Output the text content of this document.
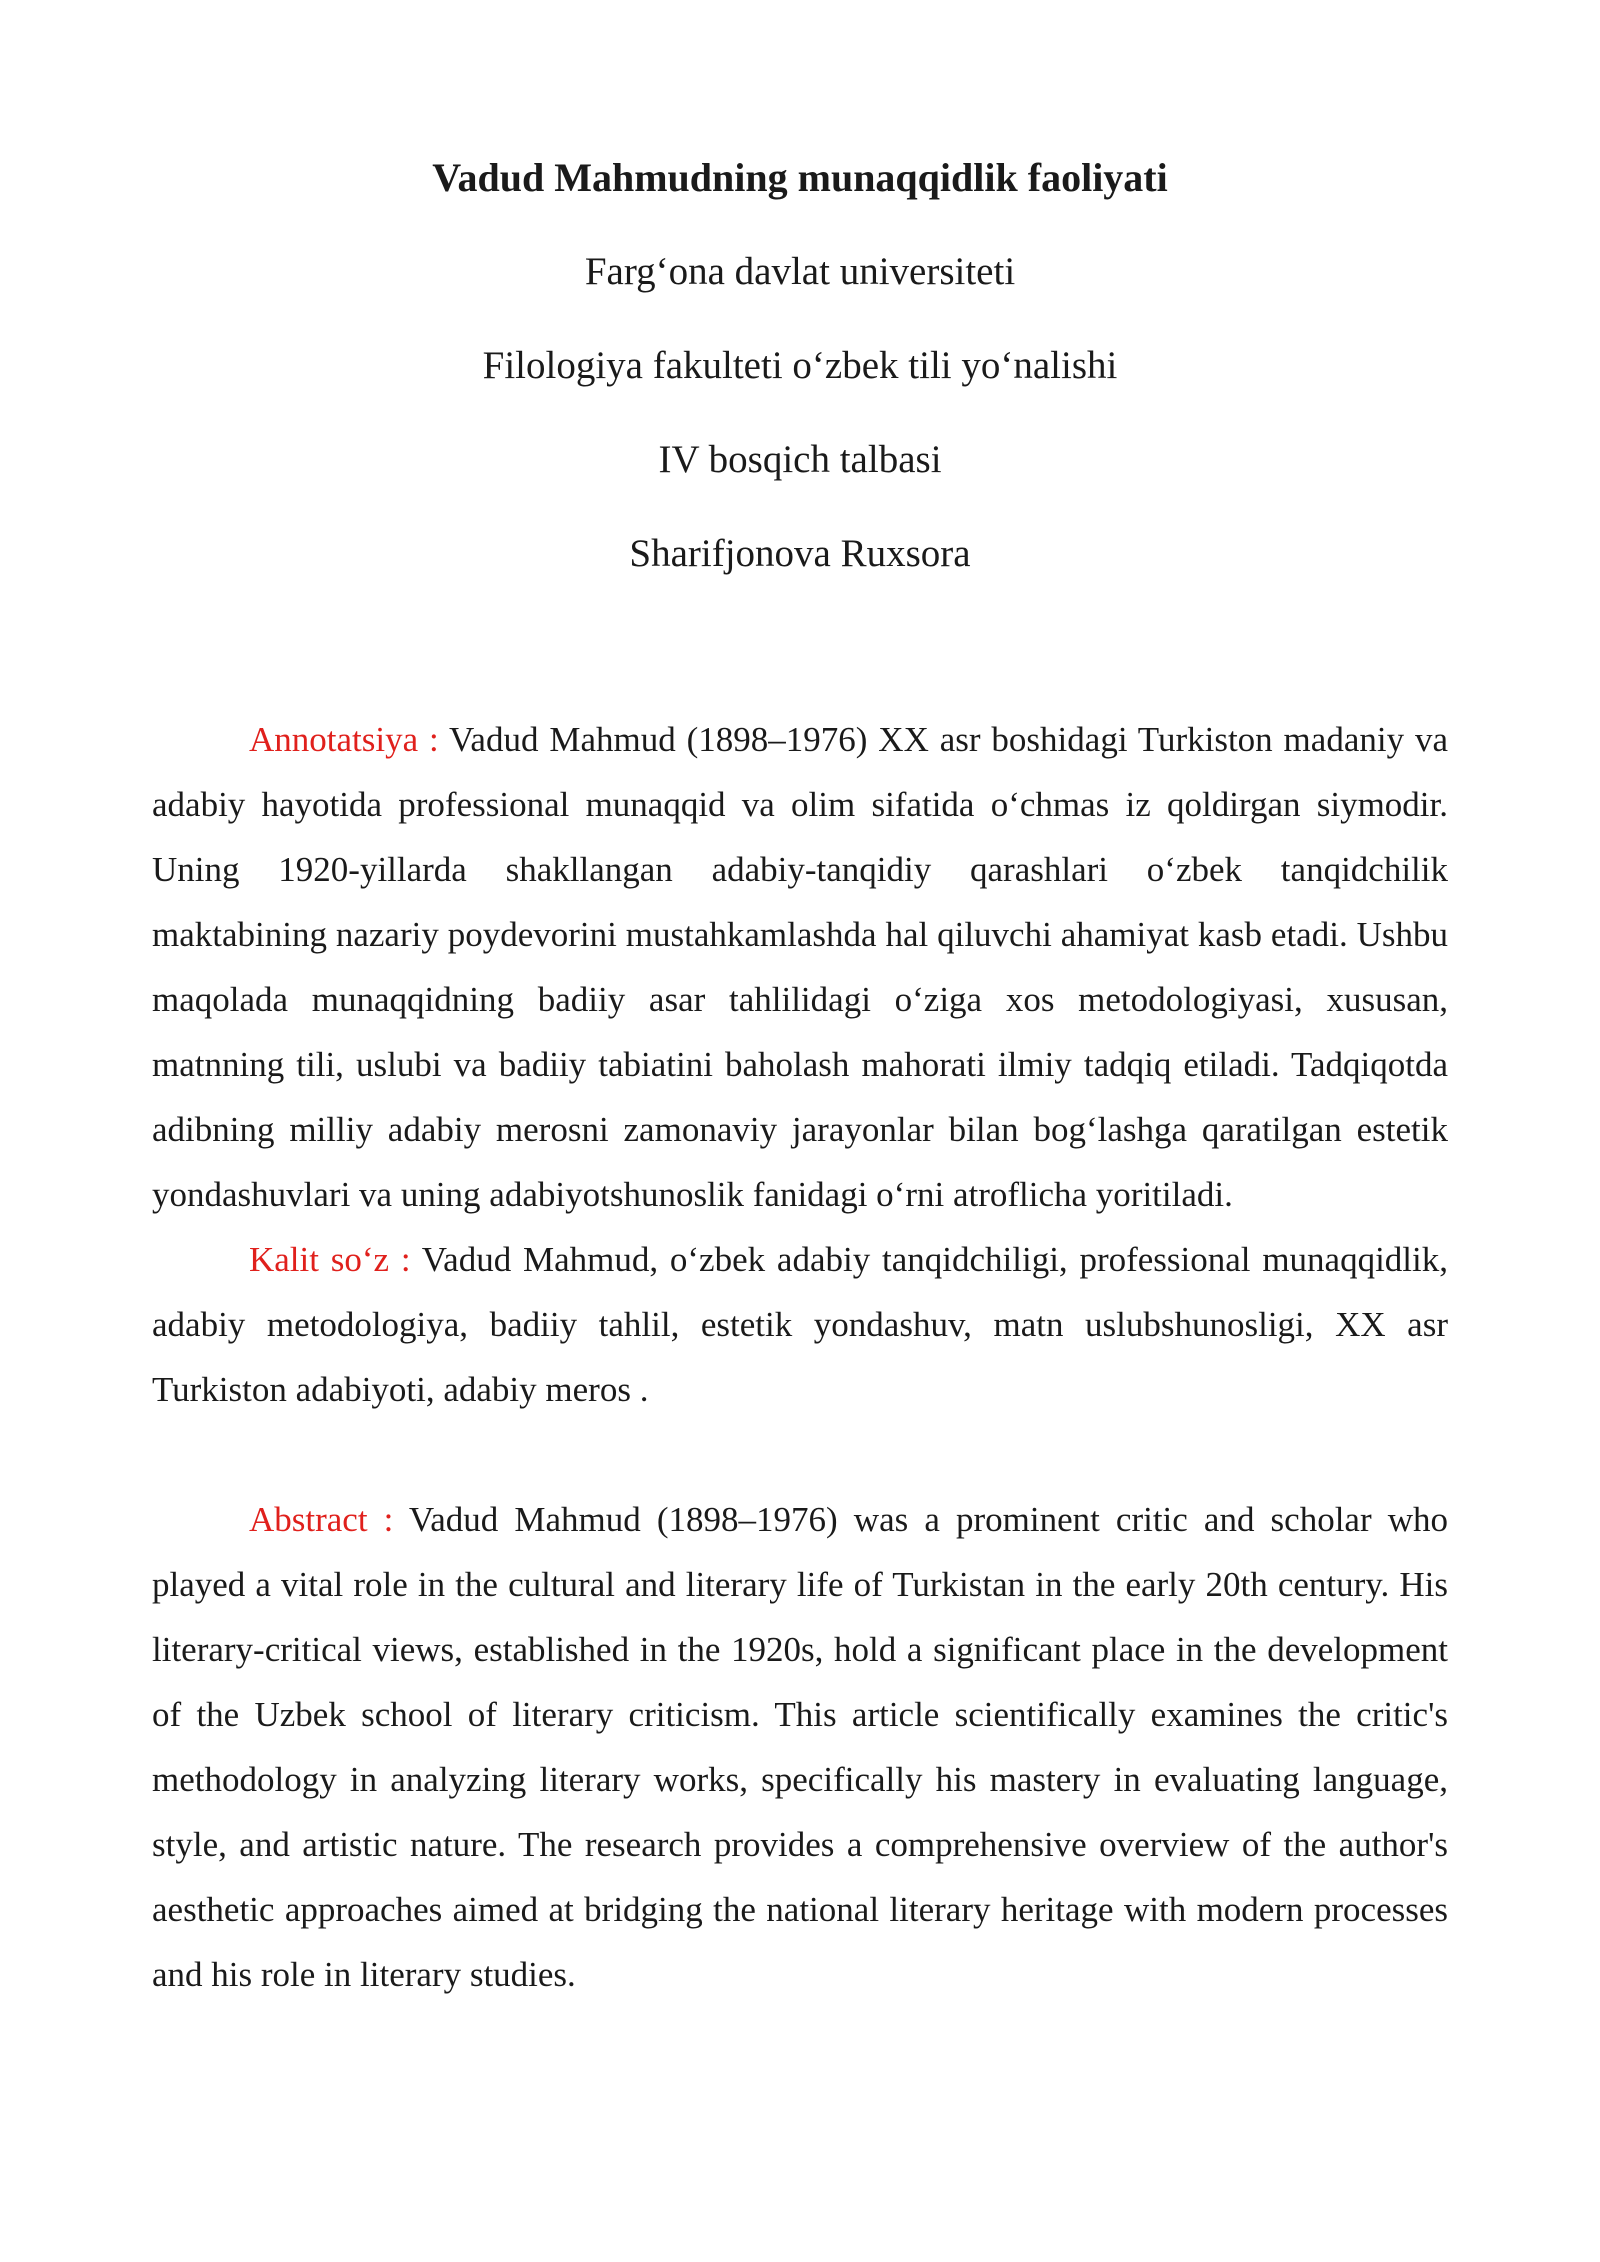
Vadud Mahmudning munaqqidlik faoliyati
Farg‘ona davlat universiteti
Filologiya fakulteti o‘zbek tili yo‘nalishi
IV bosqich talbasi
Sharifjonova Ruxsora

Annotatsiya : Vadud Mahmud (1898–1976) XX asr boshidagi Turkiston madaniy va adabiy hayotida professional munaqqid va olim sifatida o‘chmas iz qoldirgan siymodir. Uning 1920-yillarda shakllangan adabiy-tanqidiy qarashlari o‘zbek tanqidchilik maktabining nazariy poydevorini mustahkamlashda hal qiluvchi ahamiyat kasb etadi. Ushbu maqolada munaqqidning badiiy asar tahlilidagi o‘ziga xos metodologiyasi, xususan, matnning tili, uslubi va badiiy tabiatini baholash mahorati ilmiy tadqiq etiladi. Tadqiqotda adibning milliy adabiy merosni zamonaviy jarayonlar bilan bog‘lashga qaratilgan estetik yondashuvlari va uning adabiyotshunoslik fanidagi o‘rni atroflicha yoritiladi.

Kalit so‘z : Vadud Mahmud, o‘zbek adabiy tanqidchiligi, professional munaqqidlik, adabiy metodologiya, badiiy tahlil, estetik yondashuv, matn uslubshunosligi, XX asr Turkiston adabiyoti, adabiy meros .

Abstract : Vadud Mahmud (1898–1976) was a prominent critic and scholar who played a vital role in the cultural and literary life of Turkistan in the early 20th century. His literary-critical views, established in the 1920s, hold a significant place in the development of the Uzbek school of literary criticism. This article scientifically examines the critic's methodology in analyzing literary works, specifically his mastery in evaluating language, style, and artistic nature. The research provides a comprehensive overview of the author's aesthetic approaches aimed at bridging the national literary heritage with modern processes and his role in literary studies.
